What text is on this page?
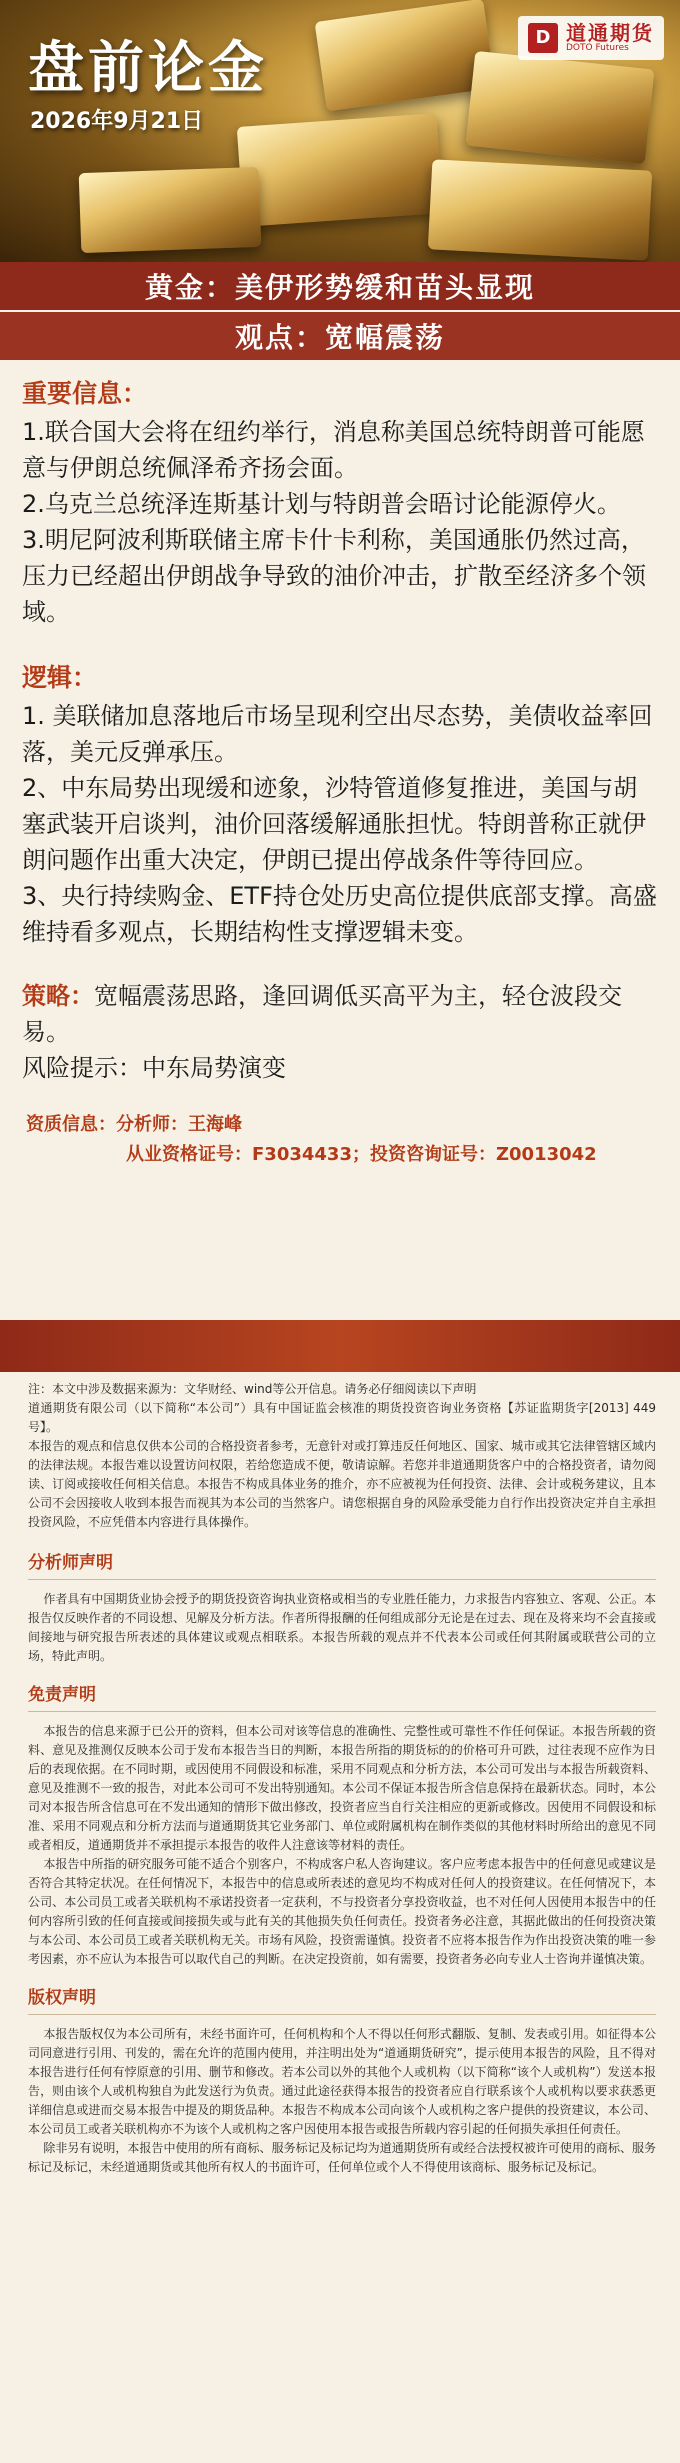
盘前论金
2026年9月21日
D 道通期货
DOTO Futures
黄金：美伊形势缓和苗头显现
观点：宽幅震荡
重要信息：
1.联合国大会将在纽约举行，消息称美国总统特朗普可能愿意与伊朗总统佩泽希齐扬会面。
2.乌克兰总统泽连斯基计划与特朗普会晤讨论能源停火。
3.明尼阿波利斯联储主席卡什卡利称，美国通胀仍然过高，压力已经超出伊朗战争导致的油价冲击，扩散至经济多个领域。
逻辑：
1. 美联储加息落地后市场呈现利空出尽态势，美债收益率回落，美元反弹承压。
2、中东局势出现缓和迹象，沙特管道修复推进，美国与胡塞武装开启谈判，油价回落缓解通胀担忧。特朗普称正就伊朗问题作出重大决定，伊朗已提出停战条件等待回应。
3、央行持续购金、ETF持仓处历史高位提供底部支撑。高盛维持看多观点，长期结构性支撑逻辑未变。
策略：宽幅震荡思路，逢回调低买高平为主，轻仓波段交易。
风险提示：中东局势演变
资质信息：分析师：王海峰
从业资格证号：F3034433；投资咨询证号：Z0013042
注：本文中涉及数据来源为：文华财经、wind等公开信息。请务必仔细阅读以下声明
道通期货有限公司（以下简称“本公司”）具有中国证监会核准的期货投资咨询业务资格【苏证监期货字[2013] 449号】。
本报告的观点和信息仅供本公司的合格投资者参考，无意针对或打算违反任何地区、国家、城市或其它法律管辖区域内的法律法规。本报告难以设置访问权限，若给您造成不便，敬请谅解。若您并非道通期货客户中的合格投资者，请勿阅读、订阅或接收任何相关信息。本报告不构成具体业务的推介，亦不应被视为任何投资、法律、会计或税务建议，且本公司不会因接收人收到本报告而视其为本公司的当然客户。请您根据自身的风险承受能力自行作出投资决定并自主承担投资风险，不应凭借本内容进行具体操作。
分析师声明
作者具有中国期货业协会授予的期货投资咨询执业资格或相当的专业胜任能力，力求报告内容独立、客观、公正。本报告仅反映作者的不同设想、见解及分析方法。作者所得报酬的任何组成部分无论是在过去、现在及将来均不会直接或间接地与研究报告所表述的具体建议或观点相联系。本报告所载的观点并不代表本公司或任何其附属或联营公司的立场，特此声明。
免责声明
本报告的信息来源于已公开的资料，但本公司对该等信息的准确性、完整性或可靠性不作任何保证。本报告所载的资料、意见及推测仅反映本公司于发布本报告当日的判断，本报告所指的期货标的的价格可升可跌，过往表现不应作为日后的表现依据。在不同时期，或因使用不同假设和标准，采用不同观点和分析方法，本公司可发出与本报告所载资料、意见及推测不一致的报告，对此本公司可不发出特别通知。本公司不保证本报告所含信息保持在最新状态。同时，本公司对本报告所含信息可在不发出通知的情形下做出修改，投资者应当自行关注相应的更新或修改。因使用不同假设和标准、采用不同观点和分析方法而与道通期货其它业务部门、单位或附属机构在制作类似的其他材料时所给出的意见不同或者相反，道通期货并不承担提示本报告的收件人注意该等材料的责任。
本报告中所指的研究服务可能不适合个别客户，不构成客户私人咨询建议。客户应考虑本报告中的任何意见或建议是否符合其特定状况。在任何情况下，本报告中的信息或所表述的意见均不构成对任何人的投资建议。在任何情况下，本公司、本公司员工或者关联机构不承诺投资者一定获利，不与投资者分享投资收益，也不对任何人因使用本报告中的任何内容所引致的任何直接或间接损失或与此有关的其他损失负任何责任。投资者务必注意，其据此做出的任何投资决策与本公司、本公司员工或者关联机构无关。市场有风险，投资需谨慎。投资者不应将本报告作为作出投资决策的唯一参考因素，亦不应认为本报告可以取代自己的判断。在决定投资前，如有需要，投资者务必向专业人士咨询并谨慎决策。
版权声明
本报告版权仅为本公司所有，未经书面许可，任何机构和个人不得以任何形式翻版、复制、发表或引用。如征得本公司同意进行引用、刊发的，需在允许的范围内使用，并注明出处为“道通期货研究”，提示使用本报告的风险，且不得对本报告进行任何有悖原意的引用、删节和修改。若本公司以外的其他个人或机构（以下简称“该个人或机构”）发送本报告，则由该个人或机构独自为此发送行为负责。通过此途径获得本报告的投资者应自行联系该个人或机构以要求获悉更详细信息或进而交易本报告中提及的期货品种。本报告不构成本公司向该个人或机构之客户提供的投资建议，本公司、本公司员工或者关联机构亦不为该个人或机构之客户因使用本报告或报告所载内容引起的任何损失承担任何责任。
除非另有说明，本报告中使用的所有商标、服务标记及标记均为道通期货所有或经合法授权被许可使用的商标、服务标记及标记，未经道通期货或其他所有权人的书面许可，任何单位或个人不得使用该商标、服务标记及标记。
